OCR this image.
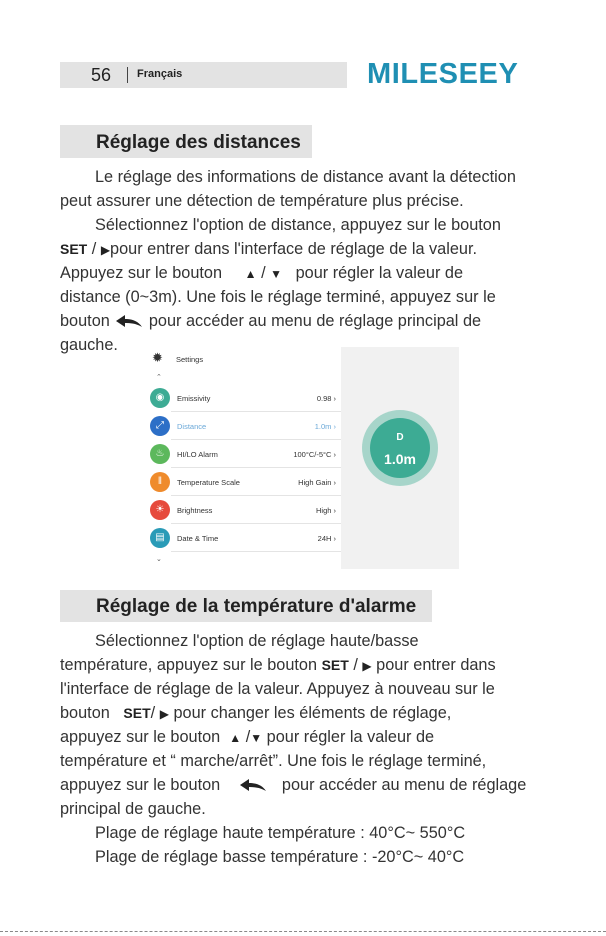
56 Français	MILESEEY
Réglage des distances
Le réglage des informations de distance avant la détection
peut assurer une détection de température plus précise.
Sélectionnez l'option de distance, appuyez sur le bouton
SET / ▶pour entrer dans l'interface de réglage de la valeur.
Appuyez sur le bouton ▲ / ▼ pour régler la valeur de
distance (0~3m). Une fois le réglage terminé, appuyez sur le
bouton pour accéder au menu de réglage principal de
gauche.
✹ Settings
⌃
◉	Emissivity	0.98 ›
⤢	Distance	1.0m ›
♨	HI/LO Alarm	100°C/-5°C ›
‖	Temperature Scale	High Gain ›
☀	Brightness	High ›
▤	Date & Time	24H ›
⌄
D
1.0m
Réglage de la température d'alarme
Sélectionnez l'option de réglage haute/basse
température, appuyez sur le bouton SET / ▶ pour entrer dans
l'interface de réglage de la valeur. Appuyez à nouveau sur le
bouton SET/ ▶ pour changer les éléments de réglage,
appuyez sur le bouton ▲ /▼ pour régler la valeur de
température et “ marche/arrêt”. Une fois le réglage terminé,
appuyez sur le bouton	pour accéder au menu de réglage
principal de gauche.
Plage de réglage haute température : 40°C~ 550°C
Plage de réglage basse température : -20°C~ 40°C
